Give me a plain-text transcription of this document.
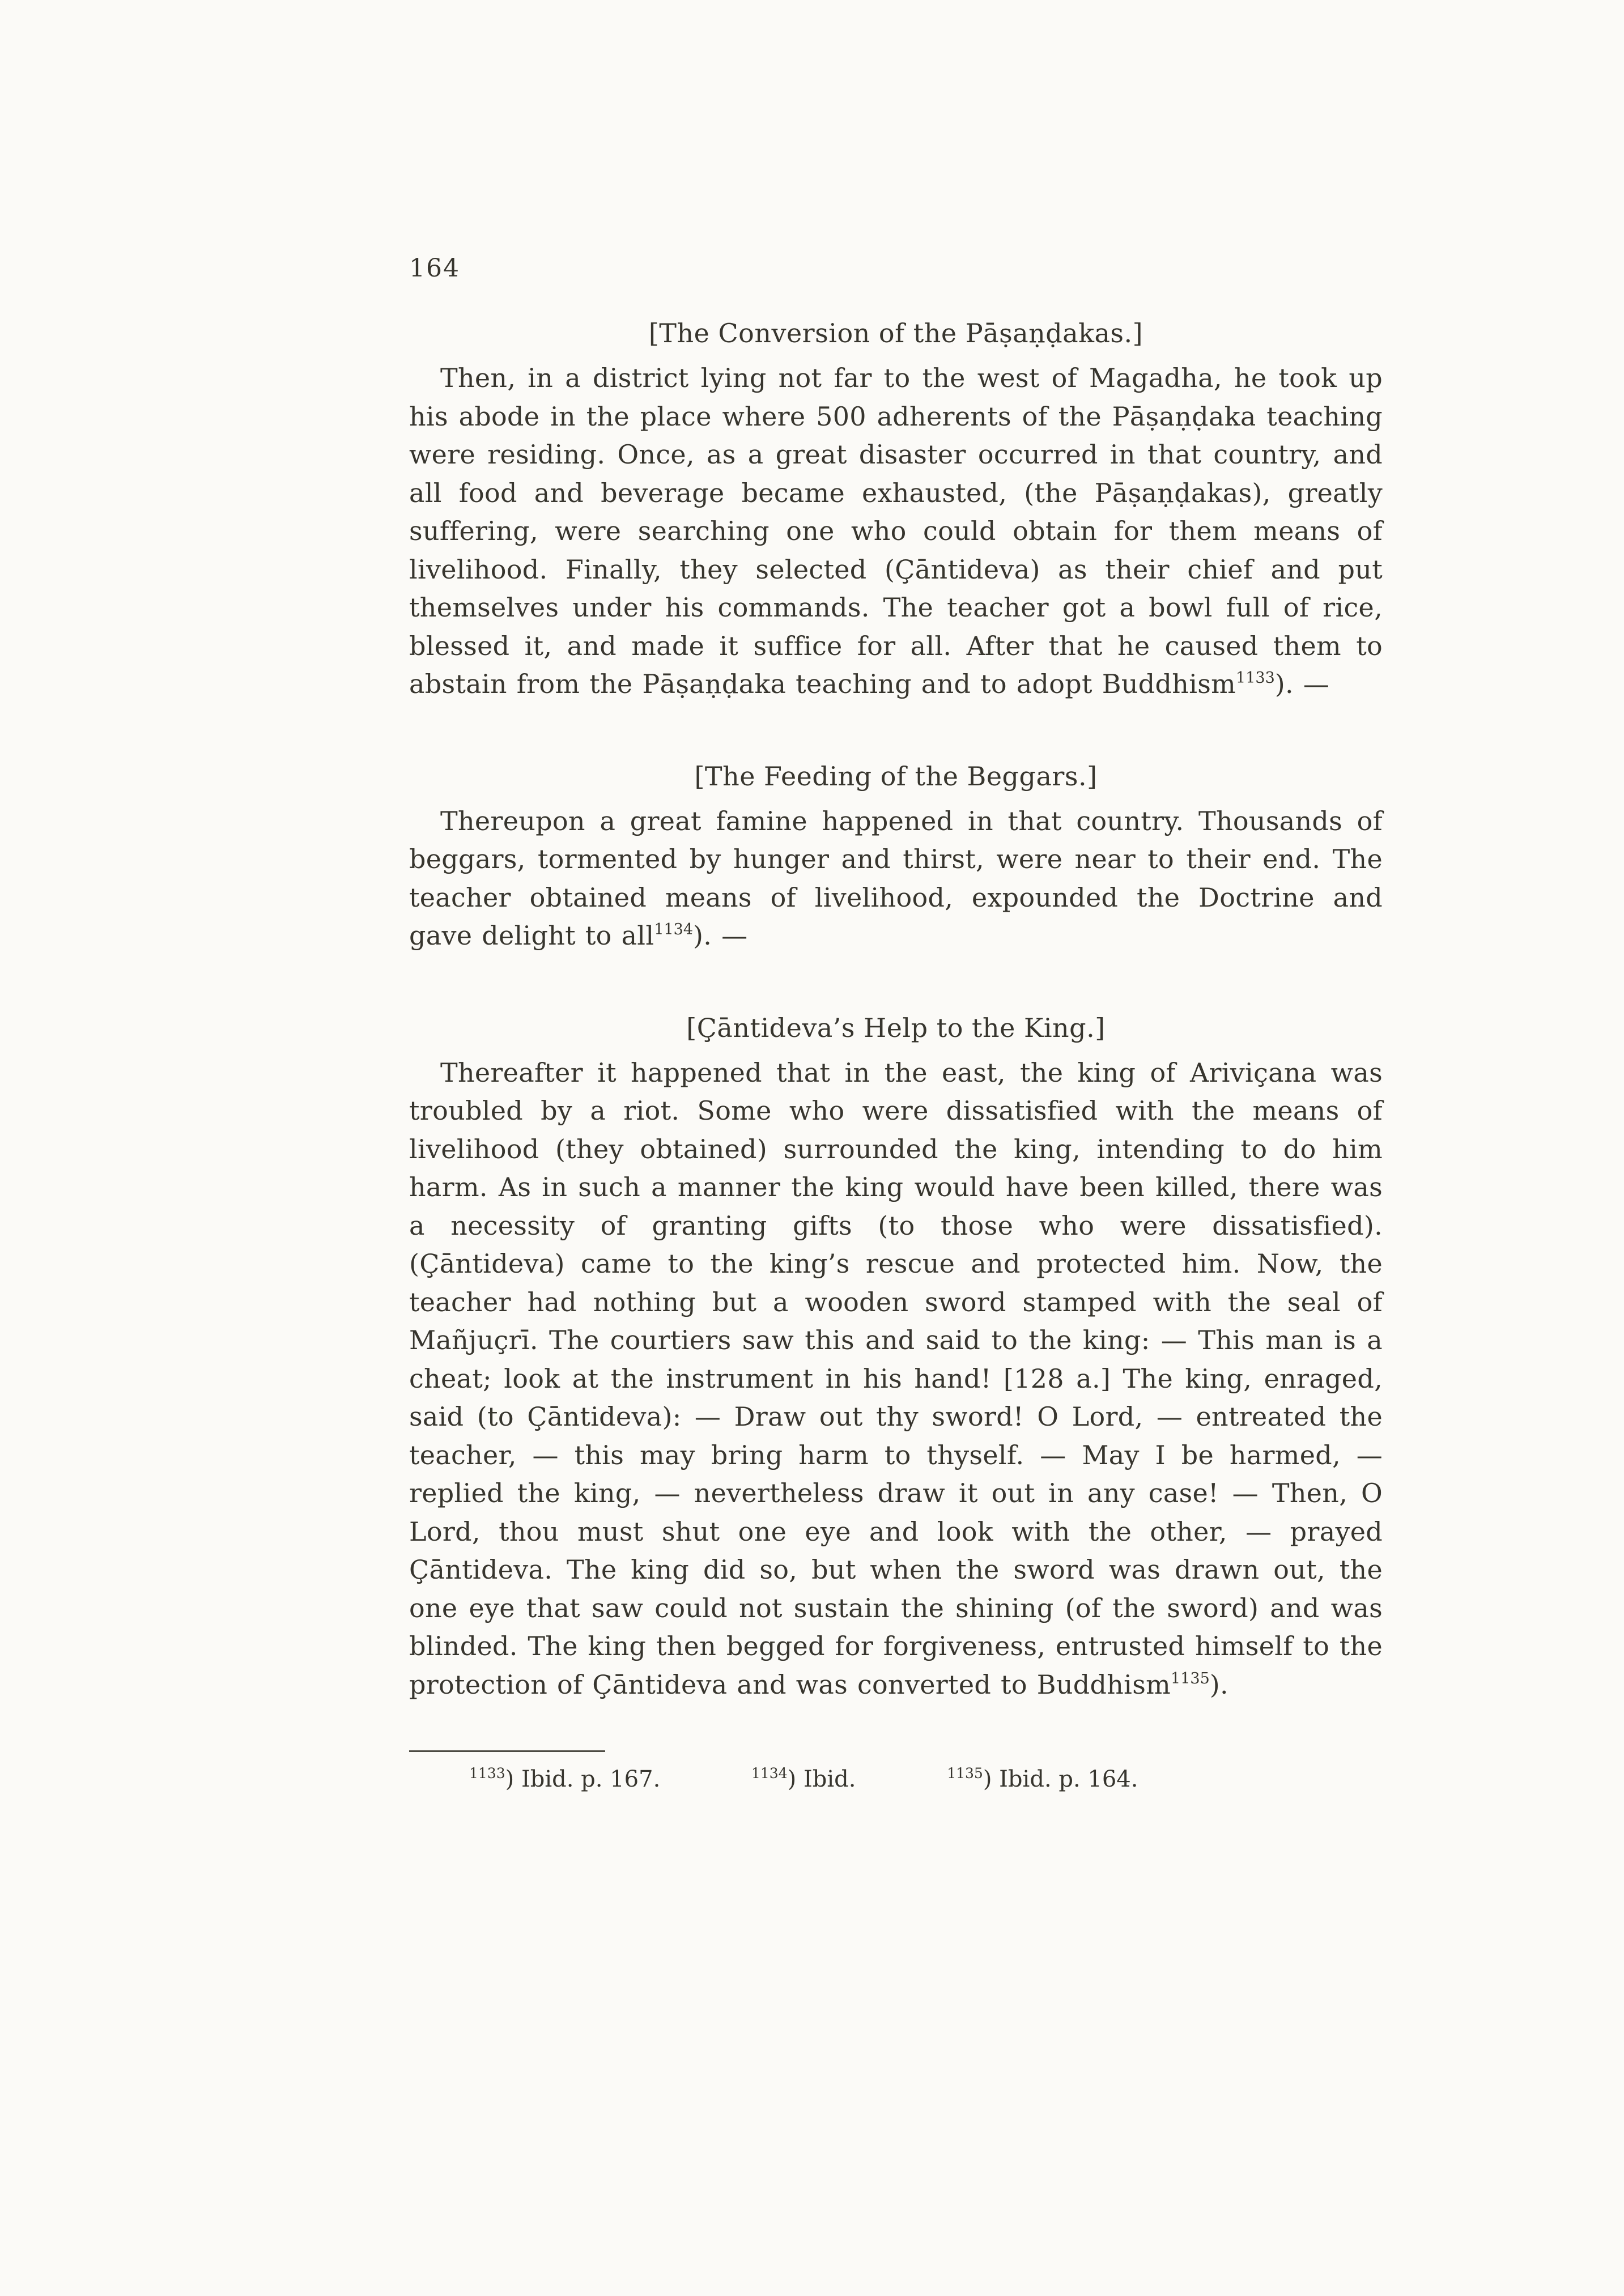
164
[The Conversion of the Pāṣaṇḍakas.]

Then, in a district lying not far to the west of Magadha, he took up his abode in the place where 500 adherents of the Pāṣaṇḍaka teaching were residing. Once, as a great disaster occurred in that country, and all food and beverage became exhausted, (the Pāṣaṇḍakas), greatly suffering, were searching one who could obtain for them means of livelihood. Finally, they selected (Çāntideva) as their chief and put themselves under his commands. The teacher got a bowl full of rice, blessed it, and made it suffice for all. After that he caused them to abstain from the Pāṣaṇḍaka teaching and to adopt Buddhism$^{1133}$). —

[The Feeding of the Beggars.]

Thereupon a great famine happened in that country. Thousands of beggars, tormented by hunger and thirst, were near to their end. The teacher obtained means of livelihood, expounded the Doctrine and gave delight to all$^{1134}$). —

[Çāntideva’s Help to the King.]

Thereafter it happened that in the east, the king of Ariviçana was troubled by a riot. Some who were dissatisfied with the means of livelihood (they obtained) surrounded the king, intending to do him harm. As in such a manner the king would have been killed, there was a necessity of granting gifts (to those who were dissatisfied). (Çāntideva) came to the king’s rescue and protected him. Now, the teacher had nothing but a wooden sword stamped with the seal of Mañjuçrī. The courtiers saw this and said to the king: — This man is a cheat; look at the instrument in his hand! [128 a.] The king, enraged, said (to Çāntideva): — Draw out thy sword! O Lord, — entreated the teacher, — this may bring harm to thyself. — May I be harmed, — replied the king, — nevertheless draw it out in any case! — Then, O Lord, thou must shut one eye and look with the other, — prayed Çāntideva. The king did so, but when the sword was drawn out, the one eye that saw could not sustain the shining (of the sword) and was blinded. The king then begged for forgiveness, entrusted himself to the protection of Çāntideva and was converted to Buddhism$^{1135}$).

$^{1133}$) Ibid. p. 167.	$^{1134}$) Ibid.	$^{1135}$) Ibid. p. 164.
